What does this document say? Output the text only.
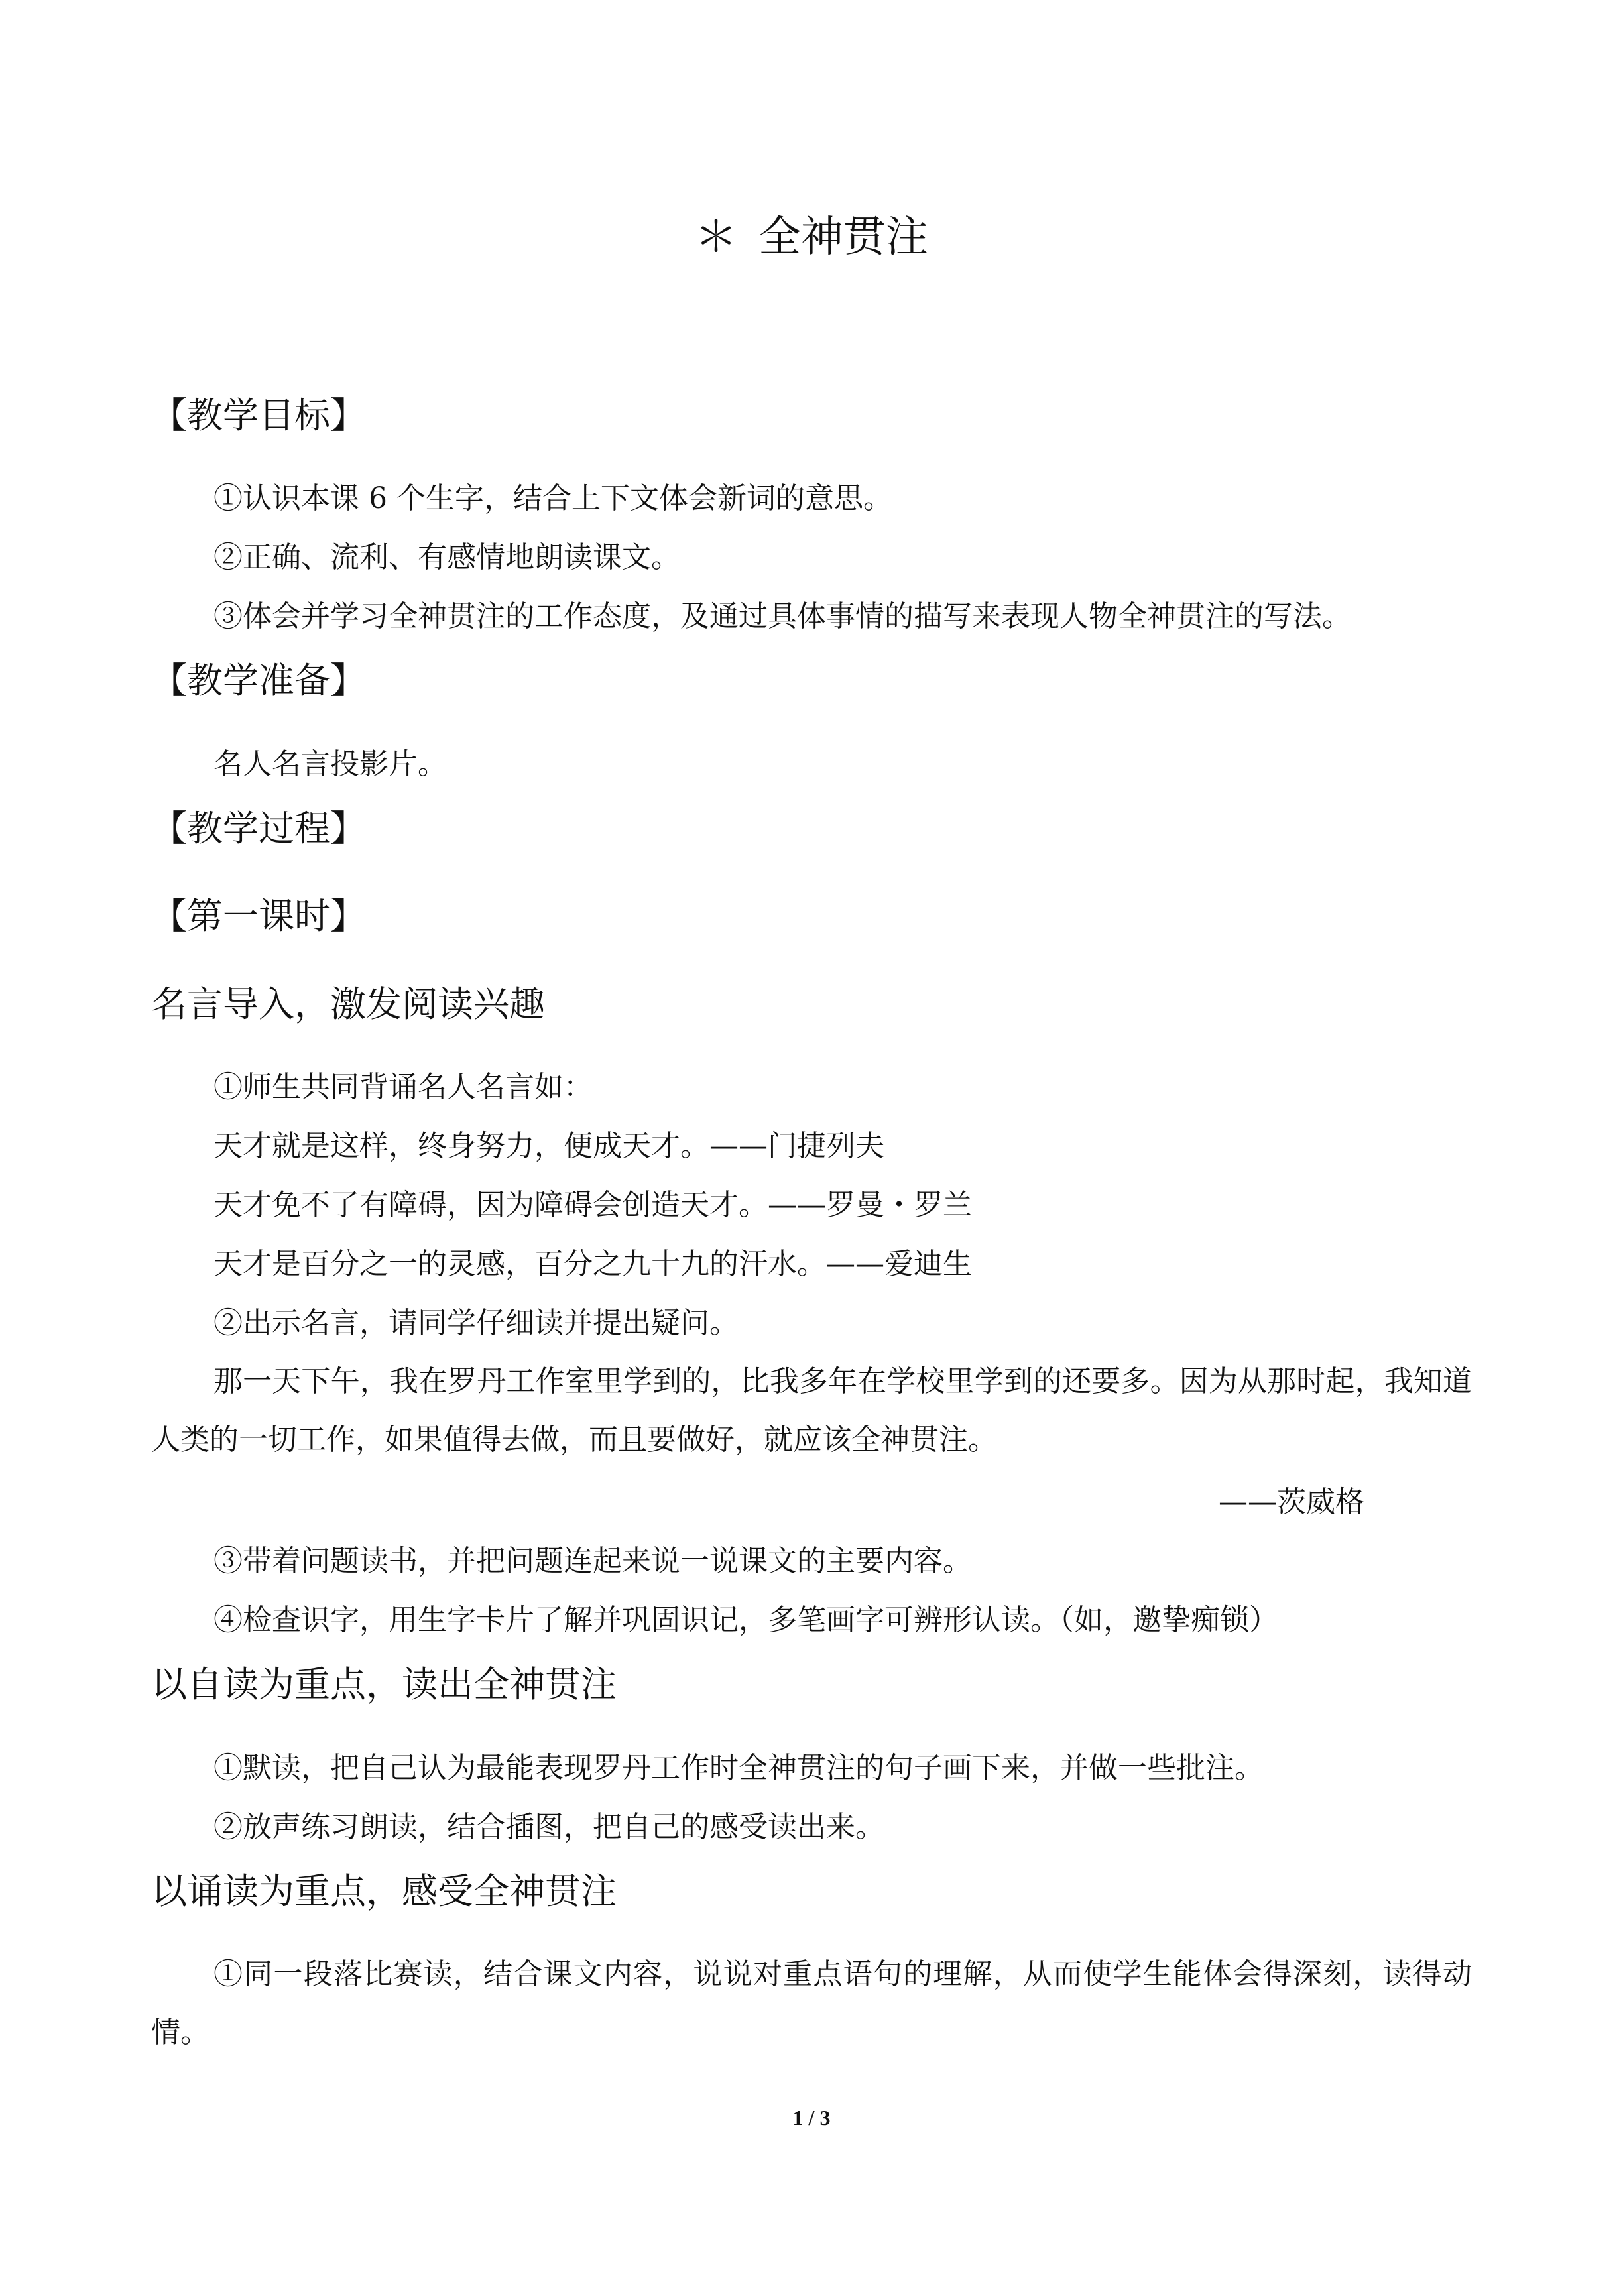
＊ 全神贯注
【教学目标】
①认识本课 6 个生字，结合上下文体会新词的意思。
②正确、流利、有感情地朗读课文。
③体会并学习全神贯注的工作态度，及通过具体事情的描写来表现人物全神贯注的写法。
【教学准备】
名人名言投影片。
【教学过程】
【第一课时】
名言导入，激发阅读兴趣
①师生共同背诵名人名言如：
天才就是这样，终身努力，便成天才。——门捷列夫
天才免不了有障碍，因为障碍会创造天才。——罗曼・罗兰
天才是百分之一的灵感，百分之九十九的汗水。——爱迪生
②出示名言，请同学仔细读并提出疑问。
那一天下午，我在罗丹工作室里学到的，比我多年在学校里学到的还要多。因为从那时起，我知道人类的一切工作，如果值得去做，而且要做好，就应该全神贯注。
——茨威格
③带着问题读书，并把问题连起来说一说课文的主要内容。
④检查识字，用生字卡片了解并巩固识记，多笔画字可辨形认读。（如，邀挚痴锁）
以自读为重点，读出全神贯注
①默读，把自己认为最能表现罗丹工作时全神贯注的句子画下来，并做一些批注。
②放声练习朗读，结合插图，把自己的感受读出来。
以诵读为重点，感受全神贯注
①同一段落比赛读，结合课文内容，说说对重点语句的理解，从而使学生能体会得深刻，读得动情。
1 / 3
